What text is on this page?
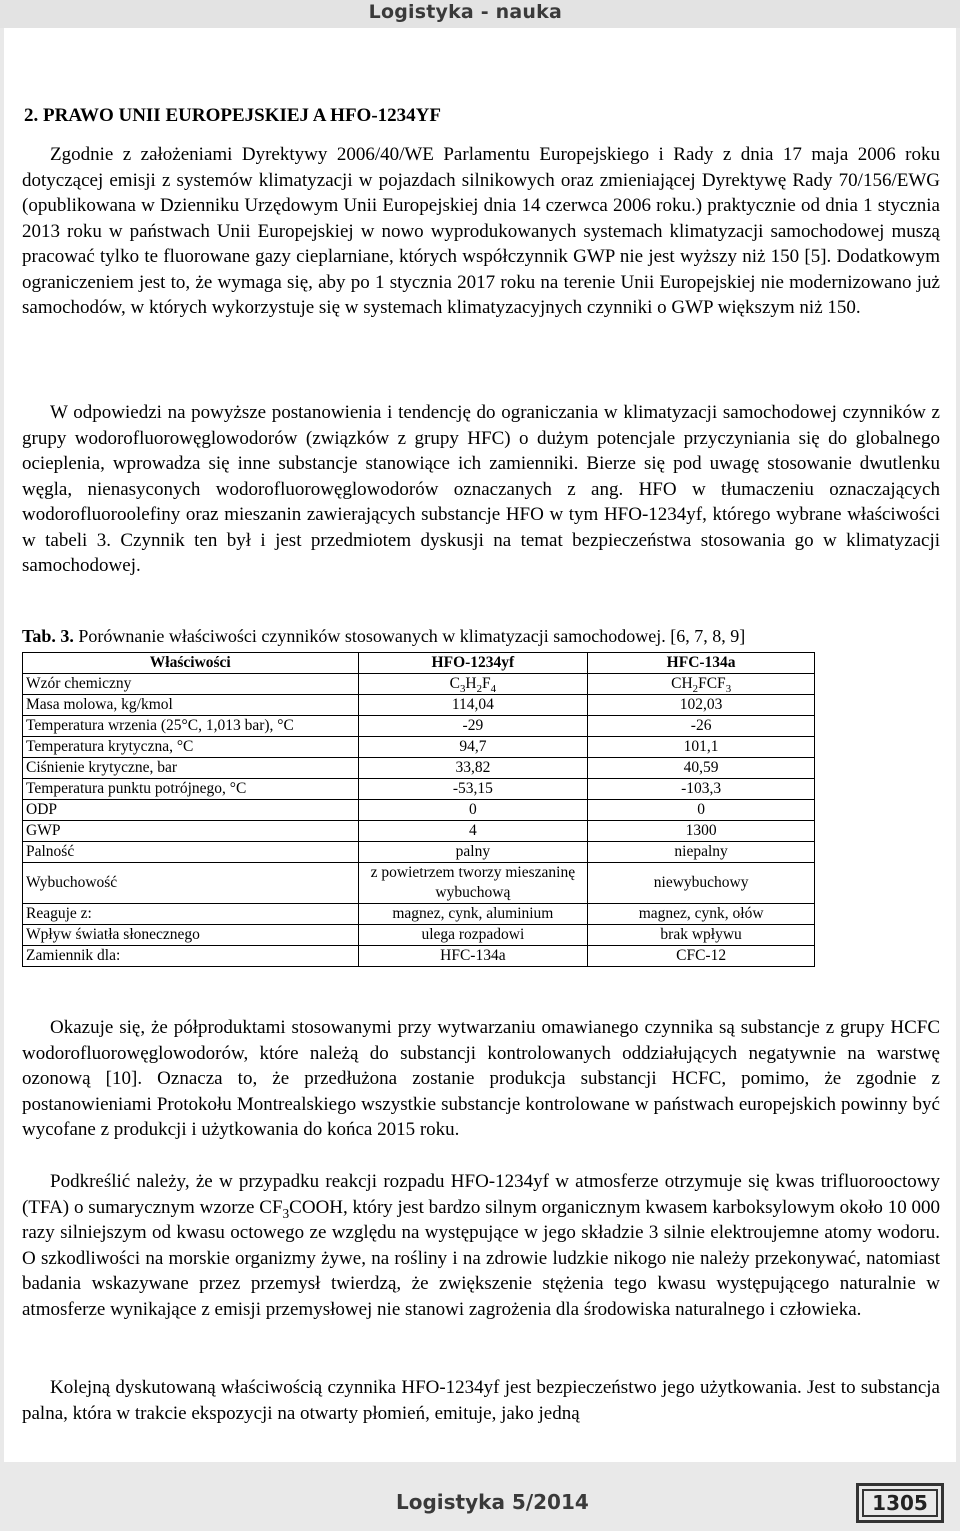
Logistyka - nauka
2. PRAWO UNII EUROPEJSKIEJ A HFO-1234YF

Zgodnie z założeniami Dyrektywy 2006/40/WE Parlamentu Europejskiego i Rady z dnia 17 maja 2006 roku dotyczącej emisji z systemów klimatyzacji w pojazdach silnikowych oraz zmieniającej Dyrektywę Rady 70/156/EWG (opublikowana w Dzienniku Urzędowym Unii Europejskiej dnia 14 czerwca 2006 roku.) praktycznie od dnia 1 stycznia 2013 roku w państwach Unii Europejskiej w nowo wyprodukowanych systemach klimatyzacji samochodowej muszą pracować tylko te fluorowane gazy cieplarniane, których współczynnik GWP nie jest wyższy niż 150 [5]. Dodatkowym ograniczeniem jest to, że wymaga się, aby po 1 stycznia 2017 roku na terenie Unii Europejskiej nie modernizowano już samochodów, w których wykorzystuje się w systemach klimatyzacyjnych czynniki o GWP większym niż 150.

W odpowiedzi na powyższe postanowienia i tendencję do ograniczania w klimatyzacji samochodowej czynników z grupy wodorofluorowęglowodorów (związków z grupy HFC) o dużym potencjale przyczyniania się do globalnego ocieplenia, wprowadza się inne substancje stanowiące ich zamienniki. Bierze się pod uwagę stosowanie dwutlenku węgla, nienasyconych wodorofluorowęglowodorów oznaczanych z ang. HFO w tłumaczeniu oznaczających wodorofluoroolefiny oraz mieszanin zawierających substancje HFO w tym HFO-1234yf, którego wybrane właściwości w tabeli 3. Czynnik ten był i jest przedmiotem dyskusji na temat bezpieczeństwa stosowania go w klimatyzacji samochodowej.

Tab. 3. Porównanie właściwości czynników stosowanych w klimatyzacji samochodowej. [6, 7, 8, 9]

Właściwości	HFO-1234yf	HFC-134a
Wzór chemiczny	$C_3H_2F_4$	$CH_2FCF_3$
Masa molowa, kg/kmol	114,04	102,03
Temperatura wrzenia (25°C, 1,013 bar), °C	-29	-26
Temperatura krytyczna, °C	94,7	101,1
Ciśnienie krytyczne, bar	33,82	40,59
Temperatura punktu potrójnego, °C	-53,15	-103,3
ODP	0	0
GWP	4	1300
Palność	palny	niepalny
Wybuchowość	z powietrzem tworzy mieszaninę wybuchową	niewybuchowy
Reaguje z:	magnez, cynk, aluminium	magnez, cynk, ołów
Wpływ światła słonecznego	ulega rozpadowi	brak wpływu
Zamiennik dla:	HFC-134a	CFC-12

Okazuje się, że półproduktami stosowanymi przy wytwarzaniu omawianego czynnika są substancje z grupy HCFC wodorofluorowęglowodorów, które należą do substancji kontrolowanych oddziałujących negatywnie na warstwę ozonową [10]. Oznacza to, że przedłużona zostanie produkcja substancji HCFC, pomimo, że zgodnie z postanowieniami Protokołu Montrealskiego wszystkie substancje kontrolowane w państwach europejskich powinny być wycofane z produkcji i użytkowania do końca 2015 roku.

Podkreślić należy, że w przypadku reakcji rozpadu HFO-1234yf w atmosferze otrzymuje się kwas trifluorooctowy (TFA) o sumarycznym wzorze $CF_3COOH$, który jest bardzo silnym organicznym kwasem karboksylowym około 10 000 razy silniejszym od kwasu octowego ze względu na występujące w jego składzie 3 silnie elektroujemne atomy wodoru. O szkodliwości na morskie organizmy żywe, na rośliny i na zdrowie ludzkie nikogo nie należy przekonywać, natomiast badania wskazywane przez przemysł twierdzą, że zwiększenie stężenia tego kwasu występującego naturalnie w atmosferze wynikające z emisji przemysłowej nie stanowi zagrożenia dla środowiska naturalnego i człowieka.

Kolejną dyskutowaną właściwością czynnika HFO-1234yf jest bezpieczeństwo jego użytkowania. Jest to substancja palna, która w trakcie ekspozycji na otwarty płomień, emituje, jako jedną

Logistyka 5/2014	1305
